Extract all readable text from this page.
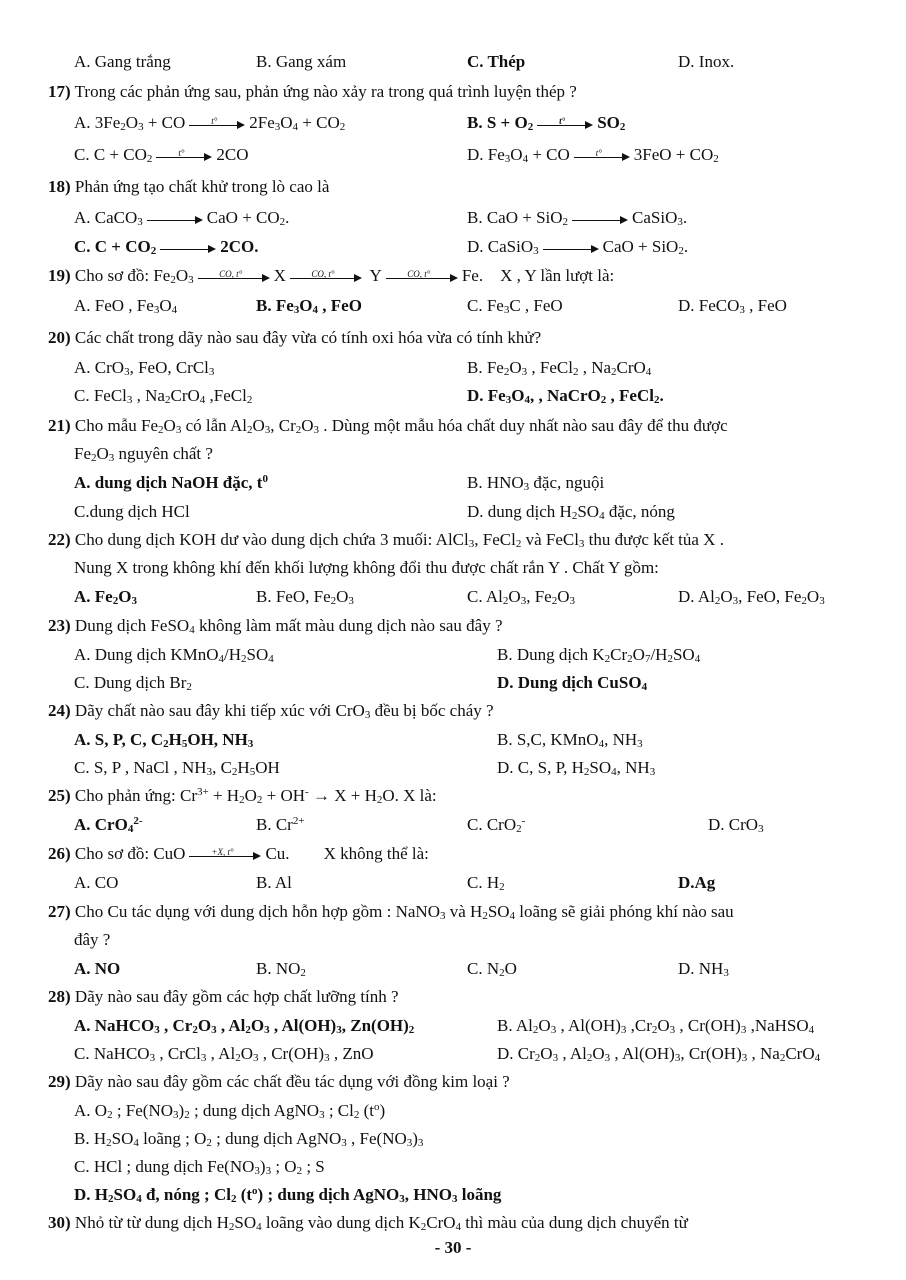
A. Gang trắng	B. Gang xám	C. Thép	D. Inox.
17) Trong các phản ứng sau, phản ứng nào xảy ra trong quá trình luyện thép ?
A. $3Fe_2O_3$ + CO	t°	$2Fe_3O_4 + CO_2$	B. $S + O_2$	t°	$SO_2$
C. $C + CO_2$	t°	2CO	D. $Fe_3O_4$ + CO	t°	$3FeO + CO_2$
18) Phản ứng tạo chất khử trong lò cao là
A. CaCO$_3$	CaO + $CO_2$.	B. CaO + SiO$_2$	CaSiO$_3$.
C. $C + CO_2$	2CO.	D. CaSiO$_3$	CaO + SiO$_2$.
19) Cho sơ đồ: $Fe_2O_3$	CO, t°	X	CO, t°	Y	CO, t°	Fe.    X , Y lần lượt là:
A. FeO , $Fe_3O_4$	B. $Fe_3O_4$ , FeO	C. $Fe_3C$ , FeO	D. FeCO$_3$ , FeO
20) Các chất trong dãy nào sau đây vừa có tính oxi hóa vừa có tính khử?
A. CrO$_3$, FeO, CrCl$_3$	B. $Fe_2O_3$ , FeCl$_2$ , $Na_2CrO_4$
C. FeCl$_3$ , $Na_2CrO_4$ ,FeCl$_2$	D. $Fe_3O_4$, , NaCrO$_2$ , FeCl$_2$.
21) Cho mẫu $Fe_2O_3$ có lẫn $Al_2O_3$, $Cr_2O_3$ . Dùng một mẫu hóa chất duy nhất nào sau đây để thu được
$Fe_2O_3$ nguyên chất ?
A. dung dịch NaOH đặc, $t^0$	B. $HNO_3$ đặc, nguội
C.dung dịch HCl	D. dung dịch $H_2SO_4$ đặc, nóng
22) Cho dung dịch KOH dư vào dung dịch chứa 3 muối: AlCl$_3$, FeCl$_2$ và FeCl$_3$ thu được kết tủa X .
Nung X trong không khí đến khối lượng không đổi thu được chất rắn Y . Chất Y gồm:
A. $Fe_2O_3$	B. FeO, $Fe_2O_3$	C. $Al_2O_3$, $Fe_2O_3$	D. $Al_2O_3$, FeO, $Fe_2O_3$
23) Dung dịch FeSO$_4$ không làm mất màu dung dịch nào sau đây ?
A. Dung dịch $KMnO_4/H_2SO_4$	B. Dung dịch $K_2Cr_2O_7/H_2SO_4$
C. Dung dịch $Br_2$	D. Dung dịch CuSO$_4$
24) Dãy chất nào sau đây khi tiếp xúc với CrO$_3$ đều bị bốc cháy ?
A. S, P, C, $C_2H_5OH$, $NH_3$	B. S,C, KMnO$_4$, $NH_3$
C. S, P , NaCl , $NH_3$, $C_2H_5OH$	D. C, S, P, $H_2SO_4$, $NH_3$
25) Cho phản ứng: $Cr^{3+} + H_2O_2 + OH^- \to X + H_2O$. X là:
A. CrO$_4^{2-}$	B. $Cr^{2+}$	C. CrO$_2$-	D. CrO$_3$
26) Cho sơ đồ: CuO	+X, t°	Cu.        X không thể là:
A. CO	B. Al	C. $H_2$	D.Ag
27) Cho Cu tác dụng với dung dịch hỗn hợp gồm : NaNO$_3$ và $H_2SO_4$ loãng sẽ giải phóng khí nào sau
đây ?
A. NO	B. $NO_2$	C. $N_2O$	D. $NH_3$
28) Dãy nào sau đây gồm các hợp chất lưỡng tính ?
A. NaHCO$_3$ , $Cr_2O_3$ , $Al_2O_3$ , $Al(OH)_3$, $Zn(OH)_2$	B. $Al_2O_3$ , $Al(OH)_3$ $,Cr_2O_3$ , $Cr(OH)_3$ ,NaHSO$_4$
C. NaHCO$_3$ , CrCl$_3$ , $Al_2O_3$ , $Cr(OH)_3$ , ZnO	D. $Cr_2O_3$ , $Al_2O_3$ , $Al(OH)_3$, $Cr(OH)_3$ , $Na_2CrO_4$
29) Dãy nào sau đây gồm các chất đều tác dụng với đồng kim loại ?
A. $O_2$ ; $Fe(NO_3)_2$ ; dung dịch AgNO$_3$ ; $Cl_2$ $(t^o)$
B. $H_2SO_4$ loãng ; $O_2$ ; dung dịch AgNO$_3$ , $Fe(NO_3)_3$
C. HCl ; dung dịch $Fe(NO_3)_3$ ; $O_2$ ; S
D. $H_2SO_4$ đ, nóng ; $Cl_2$ $(t^o)$ ; dung dịch AgNO$_3$, $HNO_3$ loãng
30) Nhỏ từ từ dung dịch $H_2SO_4$ loãng vào dung dịch $K_2CrO_4$ thì màu của dung dịch chuyển từ
- 30 -
